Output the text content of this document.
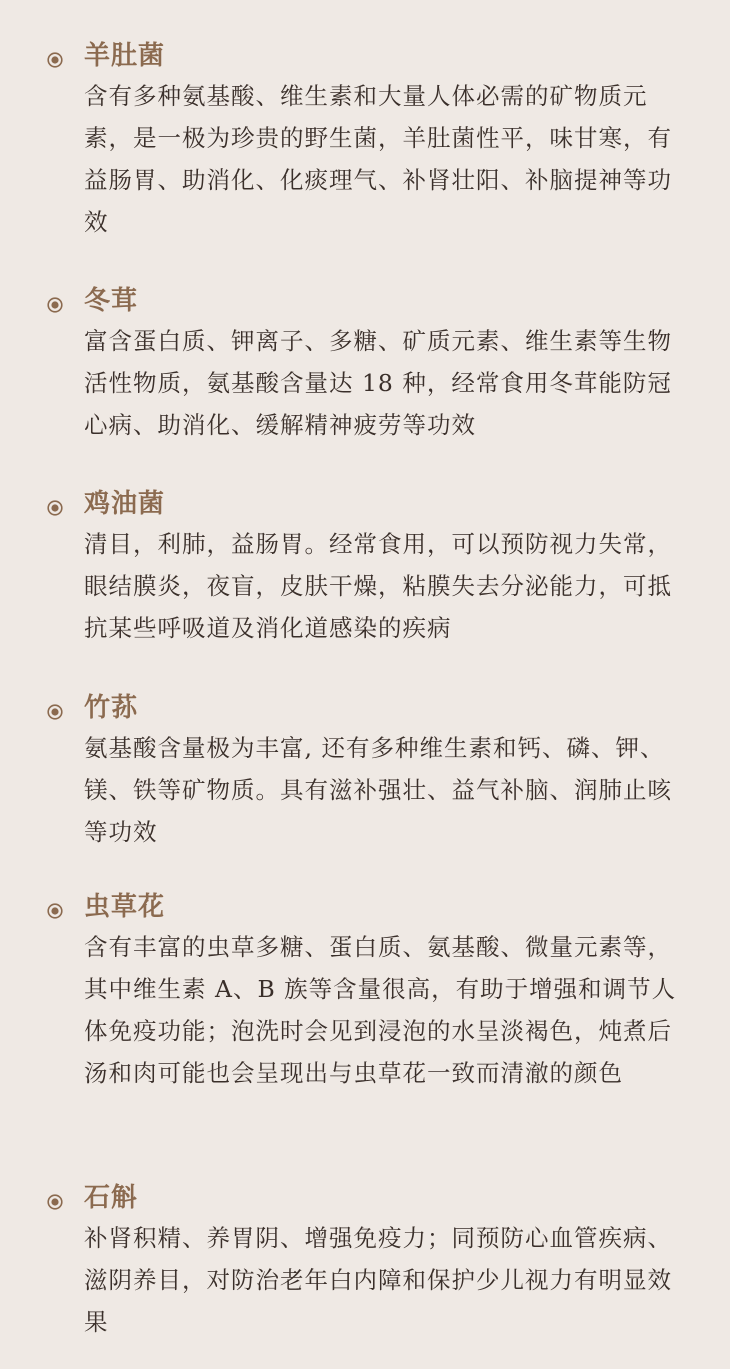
羊肚菌

含有多种氨基酸、维生素和大量人体必需的矿物质元素，是一极为珍贵的野生菌，羊肚菌性平，味甘寒，有益肠胃、助消化、化痰理气、补肾壮阳、补脑提神等功效

冬茸

富含蛋白质、钾离子、多糖、矿质元素、维生素等生物活性物质，氨基酸含量达 18 种，经常食用冬茸能防冠心病、助消化、缓解精神疲劳等功效

鸡油菌

清目，利肺，益肠胃。经常食用，可以预防视力失常，眼结膜炎，夜盲，皮肤干燥，粘膜失去分泌能力，可抵抗某些呼吸道及消化道感染的疾病

竹荪

氨基酸含量极为丰富, 还有多种维生素和钙、磷、钾、镁、铁等矿物质。具有滋补强壮、益气补脑、润肺止咳等功效

虫草花

含有丰富的虫草多糖、蛋白质、氨基酸、微量元素等，其中维生素 A、B 族等含量很高，有助于增强和调节人体免疫功能；泡洗时会见到浸泡的水呈淡褐色，炖煮后汤和肉可能也会呈现出与虫草花一致而清澈的颜色

石斛

补肾积精、养胃阴、增强免疫力；同预防心血管疾病、滋阴养目，对防治老年白内障和保护少儿视力有明显效果
